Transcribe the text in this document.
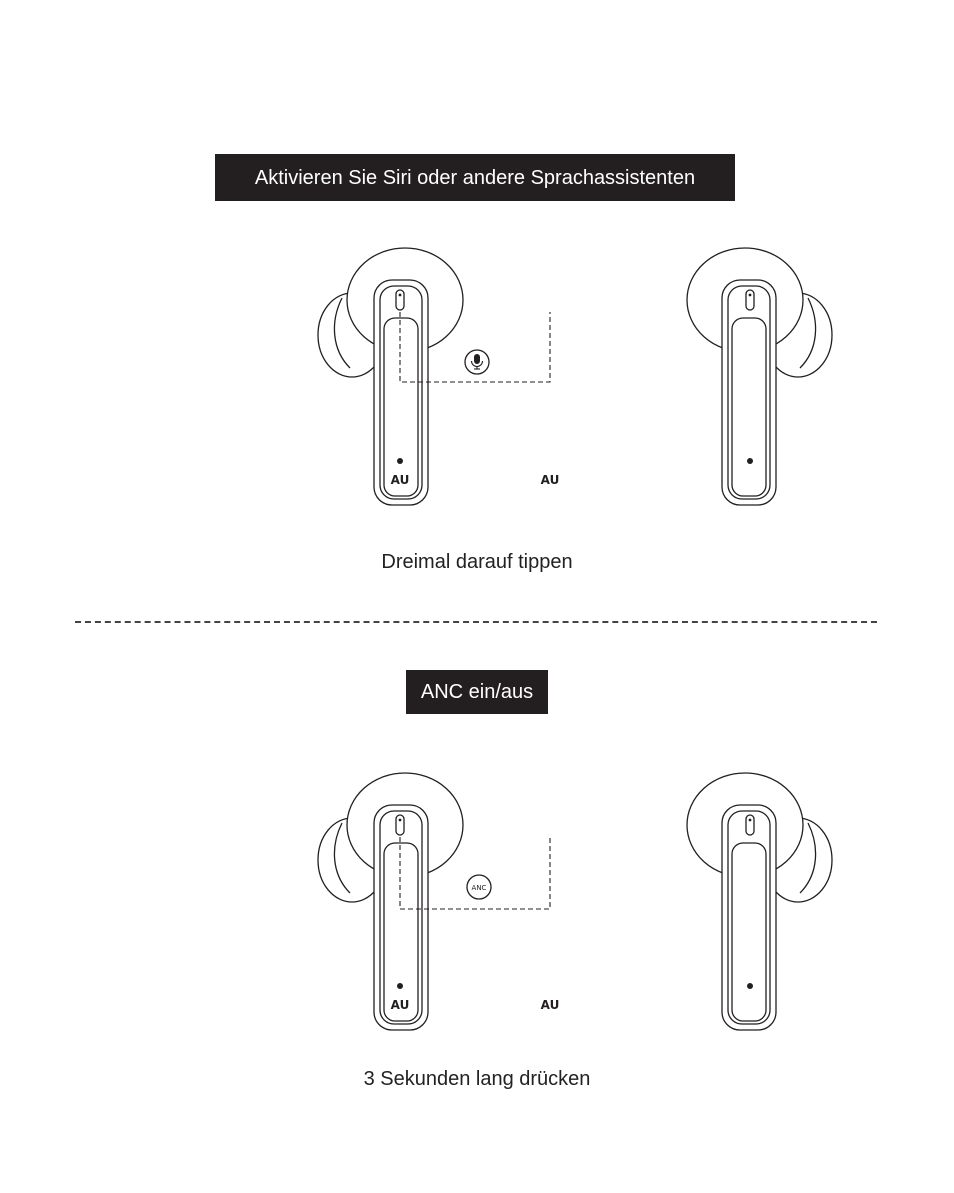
Aktivieren Sie Siri oder andere Sprachassistenten
AU	AU
Dreimal darauf tippen
ANC ein/aus
ANC
AU	AU
3 Sekunden lang drücken
